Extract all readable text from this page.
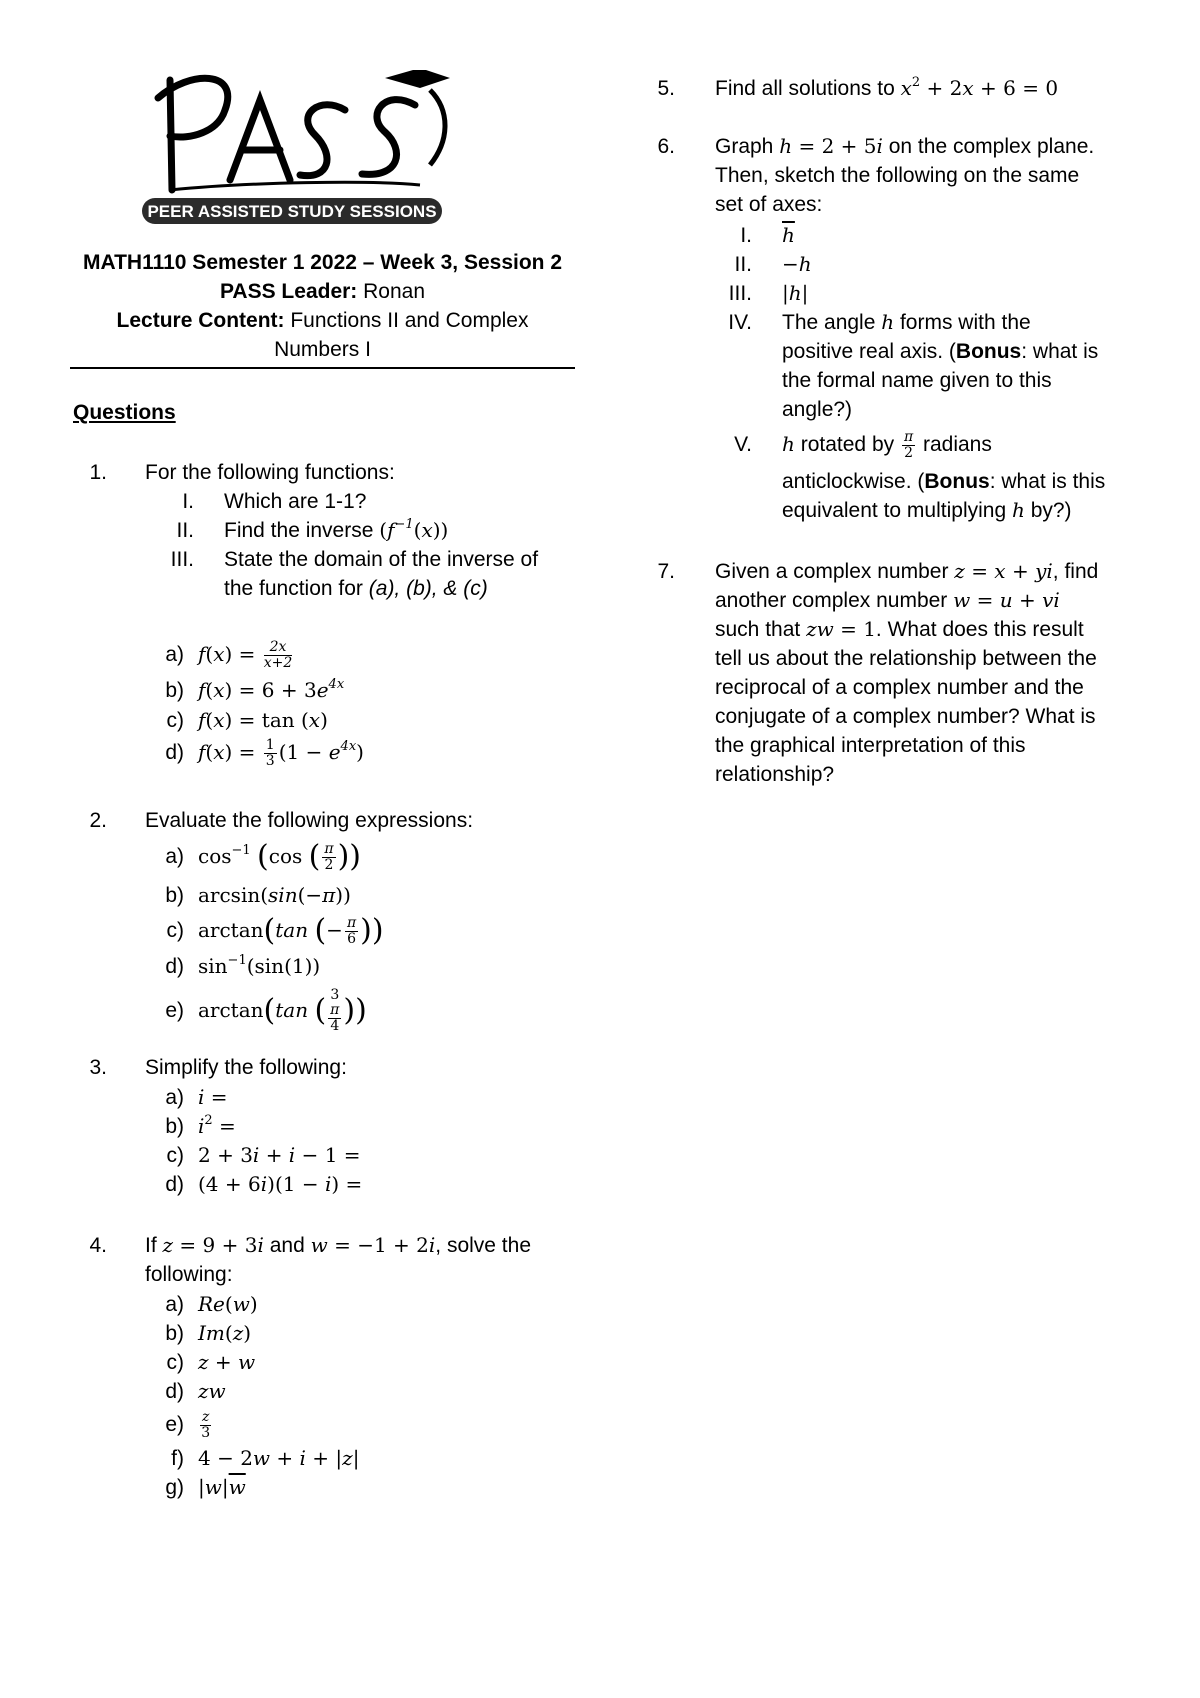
PEER ASSISTED STUDY SESSIONS
MATH1110 Semester 1 2022 – Week 3, Session 2
PASS Leader: Ronan
Lecture Content: Functions II and Complex
Numbers I
Questions
1. For the following functions:
I. Which are 1-1?
II. Find the inverse $(f^{-1}(x))$
III. State the domain of the inverse of
the function for (a), (b), & (c)
a) $f(x) = \frac{2x}{x+2}$
b) $f(x) = 6 + 3e^{4x}$
c) f(x) = tan (x)
d) $f(x) = \frac{1}{3} (1 - e^{4x})$
2. Evaluate the following expressions:
a) $\cos^{-1} (\cos$ ( $\frac{\pi}{2}$ ))
b) arcsin(sin(−π))
c) arctan(tan (− $\frac{\pi}{6}$ ))
d) $\sin^{-1}(\sin(1))$
e) arctan(tan ( 3
π
4 ))
3. Simplify the following:
a) i =
b) $i^2$ =
c) 2 + 3i + i − 1 =
d) (4 + 6i)(1 − i) =
4. If z = 9 + 3i and w = −1 + 2i, solve the
following:
a) Re(w)
b) Im(z)
c) z + w
d) zw
$e) \frac{z}{3}$
f) 4 − 2w + i + |z|
g) $|w|\overline{w}$
5. Find all solutions to $x^2 + 2x + 6 = 0$
6. Graph h = 2 + 5i on the complex plane.
Then, sketch the following on the same
set of axes:
I. $\overline{h}$
II. −h
III. |h|
IV. The angle h forms with the
positive real axis. (Bonus: what is
the formal name given to this
angle?)
V. h rotated by $\frac{\pi}{2}$ radians
anticlockwise. (Bonus: what is this
equivalent to multiplying h by?)
7. Given a complex number z = x + yi, find
another complex number w = u + vi
such that zw = 1. What does this result
tell us about the relationship between the
reciprocal of a complex number and the
conjugate of a complex number? What is
the graphical interpretation of this
relationship?
